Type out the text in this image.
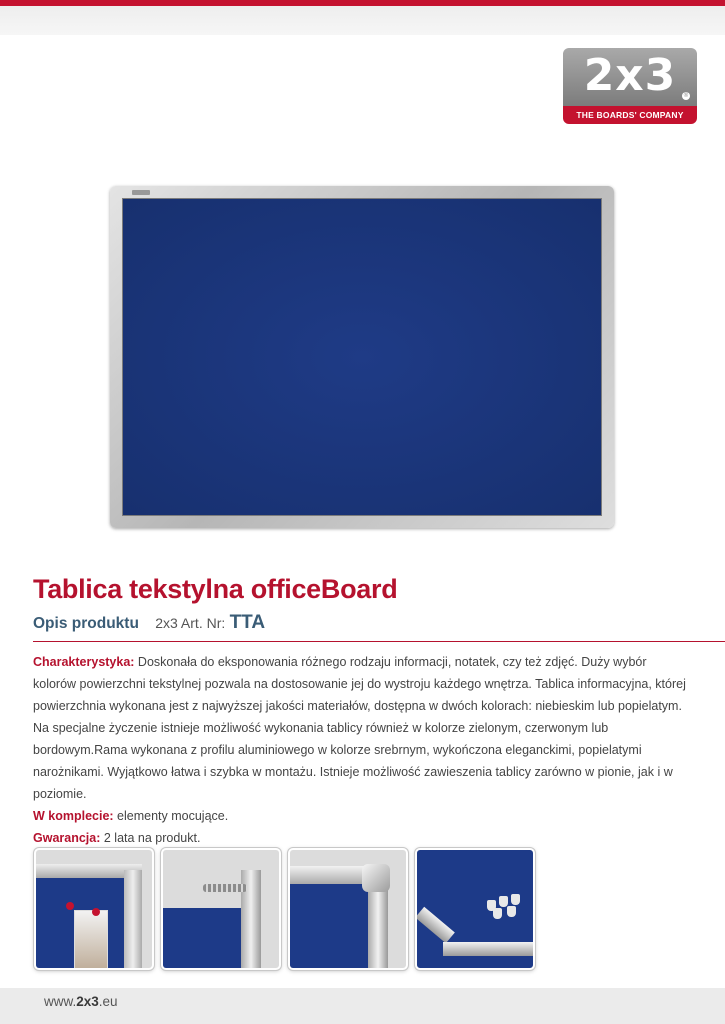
2x3	®
THE BOARDS' COMPANY
Tablica tekstylna officeBoard
Opis produktu 2x3 Art. Nr: TTA

Charakterystyka: Doskonała do eksponowania różnego rodzaju informacji, notatek, czy też zdjęć. Duży wybór kolorów powierzchni tekstylnej pozwala na dostosowanie jej do wystroju każdego wnętrza. Tablica informacyjna, której powierzchnia wykonana jest z najwyższej jakości materiałów, dostępna w dwóch kolorach: niebieskim lub popielatym. Na specjalne życzenie istnieje możliwość wykonania tablicy również w kolorze zielonym, czerwonym lub bordowym.Rama wykonana z profilu aluminiowego w kolorze srebrnym, wykończona eleganckimi, popielatymi narożnikami. Wyjątkowo łatwa i szybka w montażu. Istnieje możliwość zawieszenia tablicy zarówno w pionie, jak i w poziomie.

W komplecie: elementy mocujące.

Gwarancja: 2 lata na produkt.

www.2x3.eu
